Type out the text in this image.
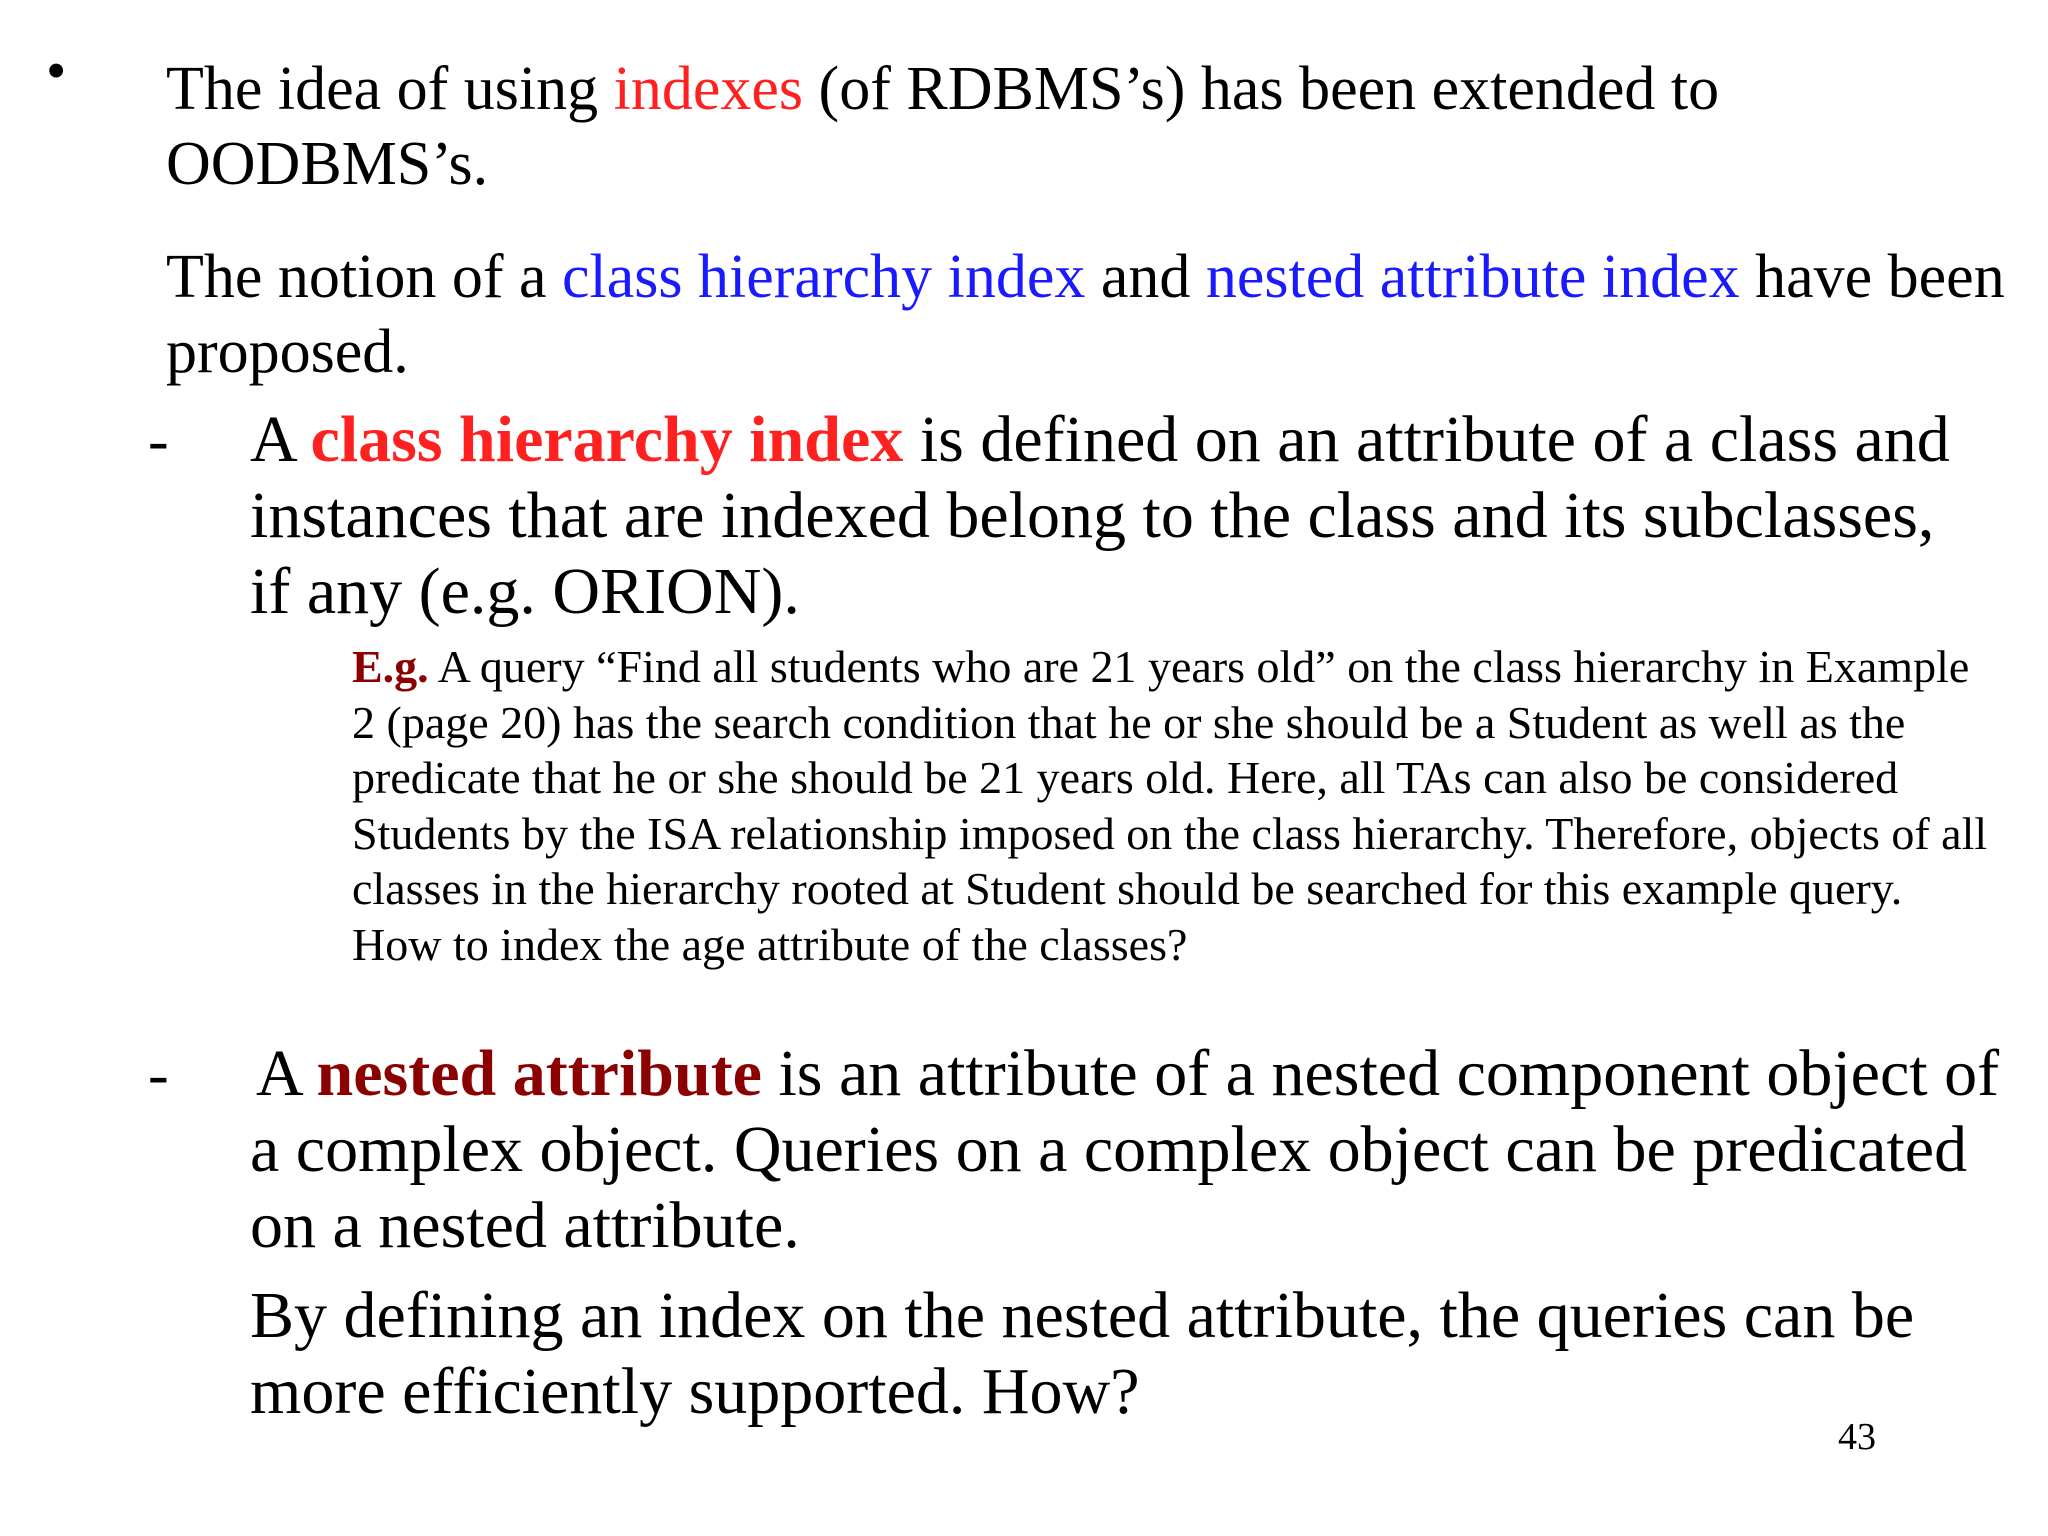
• The idea of using indexes (of RDBMS’s) has been extended to OODBMS’s.

The notion of a class hierarchy index and nested attribute index have been proposed.

- A class hierarchy index is defined on an attribute of a class and instances that are indexed belong to the class and its subclasses, if any (e.g. ORION).

E.g. A query “Find all students who are 21 years old” on the class hierarchy in Example 2 (page 20) has the search condition that he or she should be a Student as well as the predicate that he or she should be 21 years old. Here, all TAs can also be considered Students by the ISA relationship imposed on the class hierarchy. Therefore, objects of all classes in the hierarchy rooted at Student should be searched for this example query. How to index the age attribute of the classes?

- A nested attribute is an attribute of a nested component object of a complex object. Queries on a complex object can be predicated on a nested attribute.

By defining an index on the nested attribute, the queries can be more efficiently supported. How?

43
